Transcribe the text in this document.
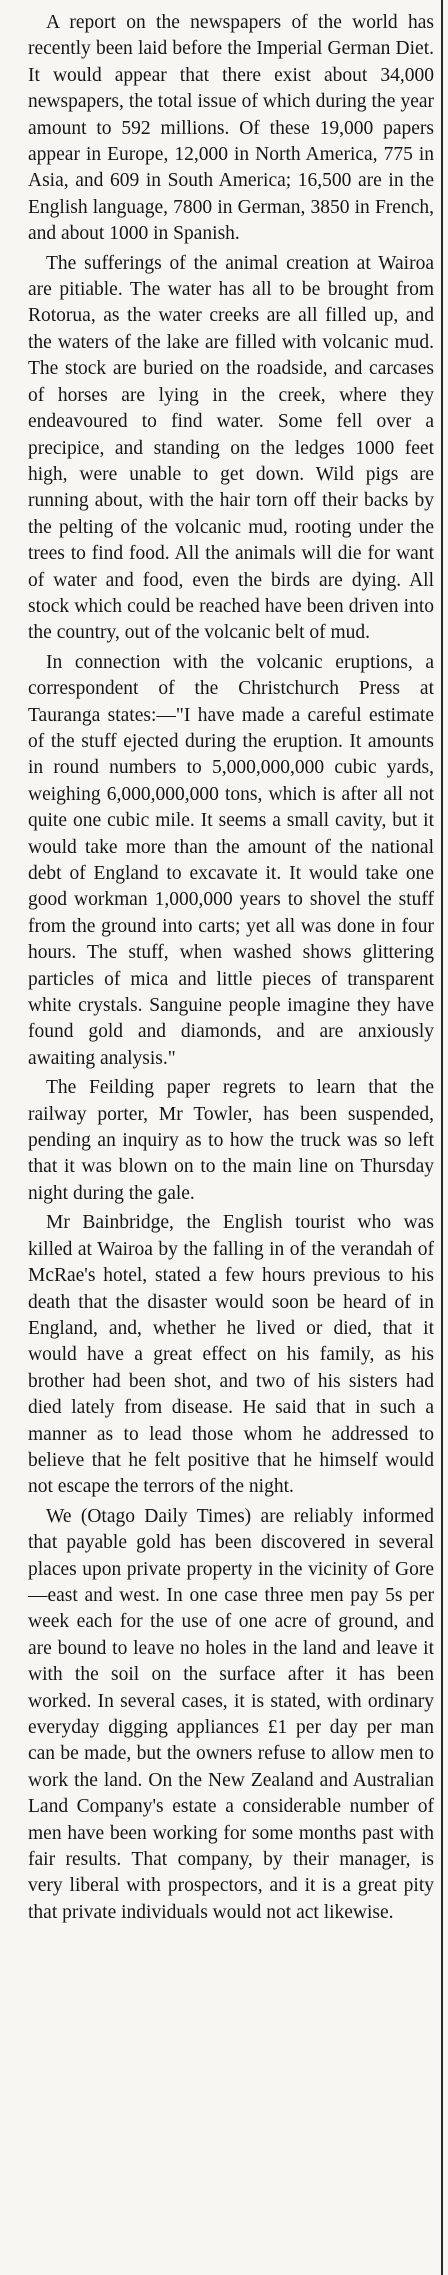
A report on the newspapers of the world has recently been laid before the Imperial German Diet. It would appear that there exist about 34,000 newspapers, the total issue of which during the year amount to 592 millions. Of these 19,000 papers appear in Europe, 12,000 in North America, 775 in Asia, and 609 in South America; 16,500 are in the English language, 7800 in German, 3850 in French, and about 1000 in Spanish.

The sufferings of the animal creation at Wairoa are pitiable. The water has all to be brought from Rotorua, as the water creeks are all filled up, and the waters of the lake are filled with volcanic mud. The stock are buried on the roadside, and carcases of horses are lying in the creek, where they endeavoured to find water. Some fell over a precipice, and standing on the ledges 1000 feet high, were unable to get down. Wild pigs are running about, with the hair torn off their backs by the pelting of the volcanic mud, rooting under the trees to find food. All the animals will die for want of water and food, even the birds are dying. All stock which could be reached have been driven into the country, out of the volcanic belt of mud.

In connection with the volcanic eruptions, a correspondent of the Christchurch Press at Tauranga states:—"I have made a careful estimate of the stuff ejected during the eruption. It amounts in round numbers to 5,000,000,000 cubic yards, weighing 6,000,000,000 tons, which is after all not quite one cubic mile. It seems a small cavity, but it would take more than the amount of the national debt of England to excavate it. It would take one good workman 1,000,000 years to shovel the stuff from the ground into carts; yet all was done in four hours. The stuff, when washed shows glittering particles of mica and little pieces of transparent white crystals. Sanguine people imagine they have found gold and diamonds, and are anxiously awaiting analysis."

The Feilding paper regrets to learn that the railway porter, Mr Towler, has been suspended, pending an inquiry as to how the truck was so left that it was blown on to the main line on Thursday night during the gale.

Mr Bainbridge, the English tourist who was killed at Wairoa by the falling in of the verandah of McRae's hotel, stated a few hours previous to his death that the disaster would soon be heard of in England, and, whether he lived or died, that it would have a great effect on his family, as his brother had been shot, and two of his sisters had died lately from disease. He said that in such a manner as to lead those whom he addressed to believe that he felt positive that he himself would not escape the terrors of the night.

We (Otago Daily Times) are reliably informed that payable gold has been discovered in several places upon private property in the vicinity of Gore—east and west. In one case three men pay 5s per week each for the use of one acre of ground, and are bound to leave no holes in the land and leave it with the soil on the surface after it has been worked. In several cases, it is stated, with ordinary everyday digging appliances £1 per day per man can be made, but the owners refuse to allow men to work the land. On the New Zealand and Australian Land Company's estate a considerable number of men have been working for some months past with fair results. That company, by their manager, is very liberal with prospectors, and it is a great pity that private individuals would not act likewise.
